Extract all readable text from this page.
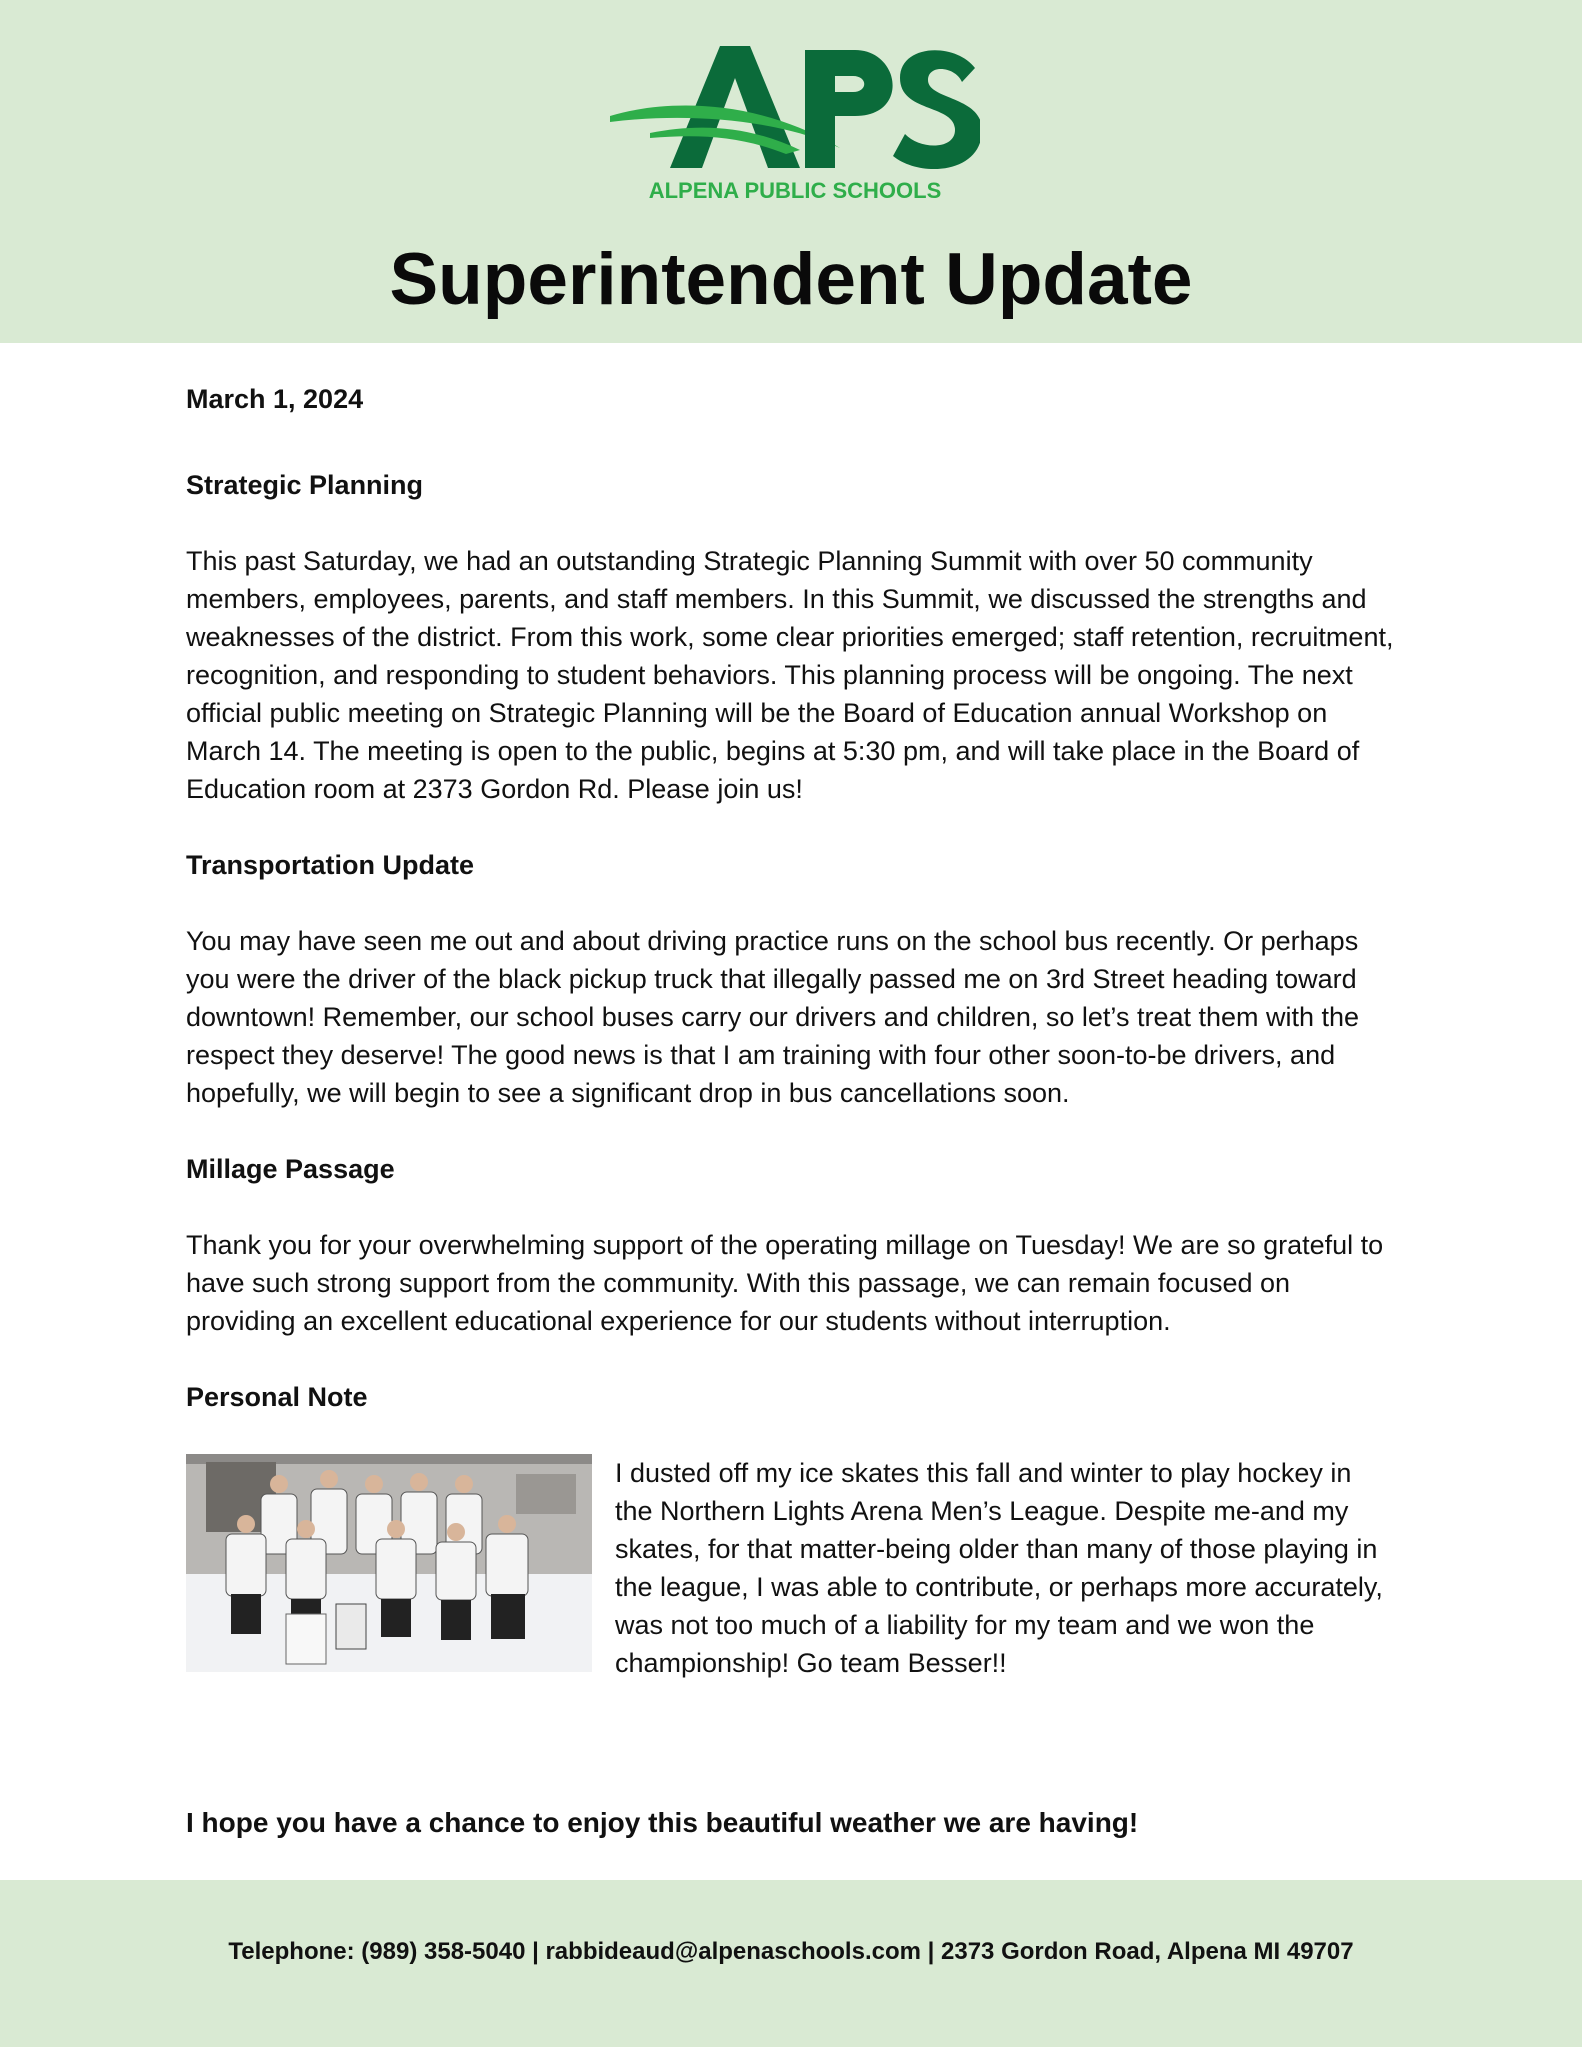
ALPENA PUBLIC SCHOOLS
Superintendent Update

March 1, 2024

Strategic Planning

This past Saturday, we had an outstanding Strategic Planning Summit with over 50 community members, employees, parents, and staff members. In this Summit, we discussed the strengths and weaknesses of the district. From this work, some clear priorities emerged; staff retention, recruitment, recognition, and responding to student behaviors. This planning process will be ongoing. The next official public meeting on Strategic Planning will be the Board of Education annual Workshop on March 14. The meeting is open to the public, begins at 5:30 pm, and will take place in the Board of Education room at 2373 Gordon Rd. Please join us!

Transportation Update

You may have seen me out and about driving practice runs on the school bus recently. Or perhaps you were the driver of the black pickup truck that illegally passed me on 3rd Street heading toward downtown! Remember, our school buses carry our drivers and children, so let’s treat them with the respect they deserve! The good news is that I am training with four other soon-to-be drivers, and hopefully, we will begin to see a significant drop in bus cancellations soon.

Millage Passage

Thank you for your overwhelming support of the operating millage on Tuesday! We are so grateful to have such strong support from the community. With this passage, we can remain focused on providing an excellent educational experience for our students without interruption.

Personal Note

I dusted off my ice skates this fall and winter to play hockey in the Northern Lights Arena Men’s League. Despite me-and my skates, for that matter-being older than many of those playing in the league, I was able to contribute, or perhaps more accurately, was not too much of a liability for my team and we won the championship! Go team Besser!!
I hope you have a chance to enjoy this beautiful weather we are having!
Telephone: (989) 358-5040 | rabbideaud@alpenaschools.com | 2373 Gordon Road, Alpena MI 49707
